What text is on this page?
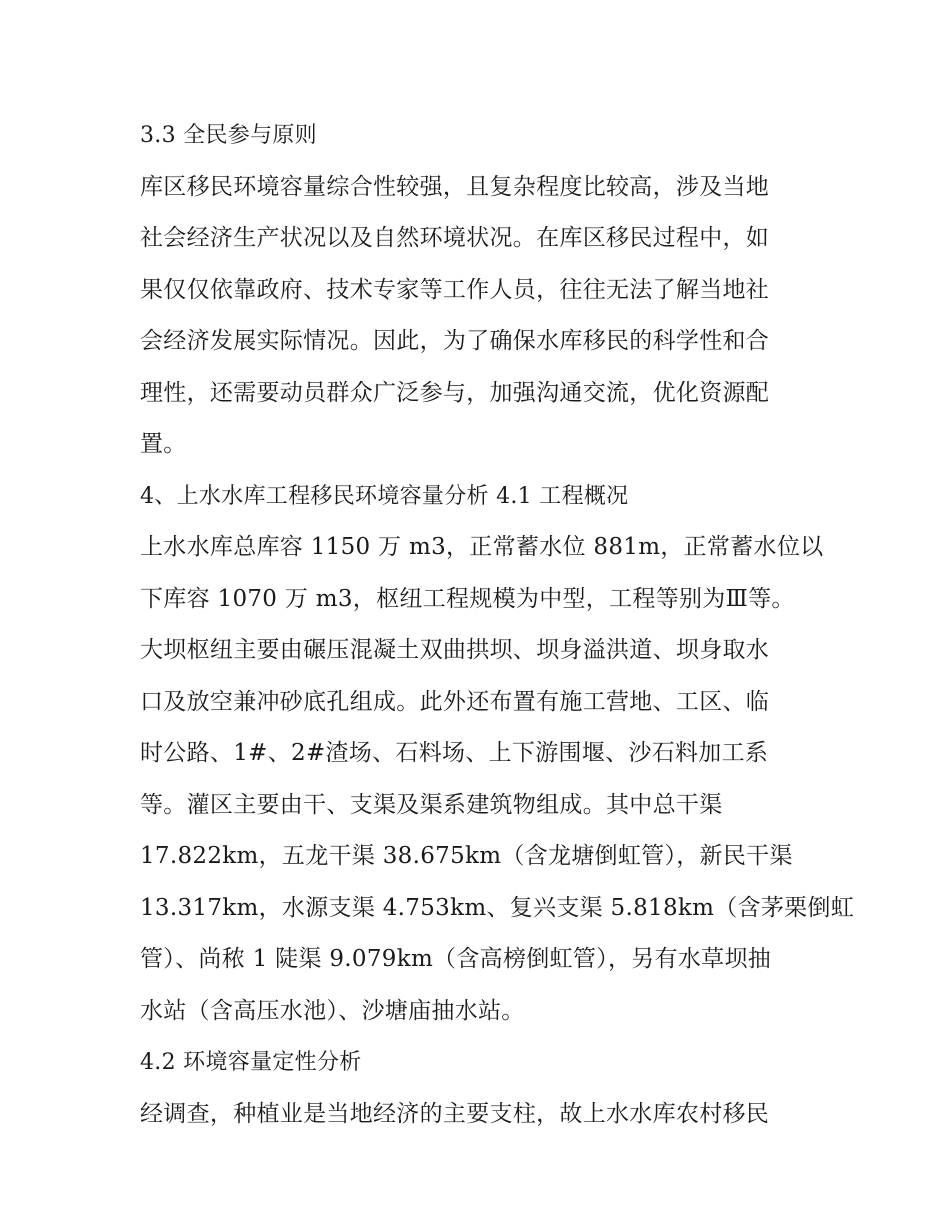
3.3 全民参与原则
库区移民环境容量综合性较强，且复杂程度比较高，涉及当地
社会经济生产状况以及自然环境状况。在库区移民过程中，如
果仅仅依靠政府、技术专家等工作人员，往往无法了解当地社
会经济发展实际情况。因此，为了确保水库移民的科学性和合
理性，还需要动员群众广泛参与，加强沟通交流，优化资源配
置。
4、上水水库工程移民环境容量分析 4.1 工程概况
上水水库总库容 1150 万 m3，正常蓄水位 881m，正常蓄水位以
下库容 1070 万 m3，枢纽工程规模为中型，工程等别为Ⅲ等。
大坝枢纽主要由碾压混凝土双曲拱坝、坝身溢洪道、坝身取水
口及放空兼冲砂底孔组成。此外还布置有施工营地、工区、临
时公路、1#、2#渣场、石料场、上下游围堰、沙石料加工系
等。灌区主要由干、支渠及渠系建筑物组成。其中总干渠
17.822km，五龙干渠 38.675km（含龙塘倒虹管），新民干渠
13.317km，水源支渠 4.753km、复兴支渠 5.818km（含茅栗倒虹
管）、尚秾 1 陡渠 9.079km（含高榜倒虹管），另有水草坝抽
水站（含高压水池）、沙塘庙抽水站。
4.2 环境容量定性分析
经调查，种植业是当地经济的主要支柱，故上水水库农村移民
